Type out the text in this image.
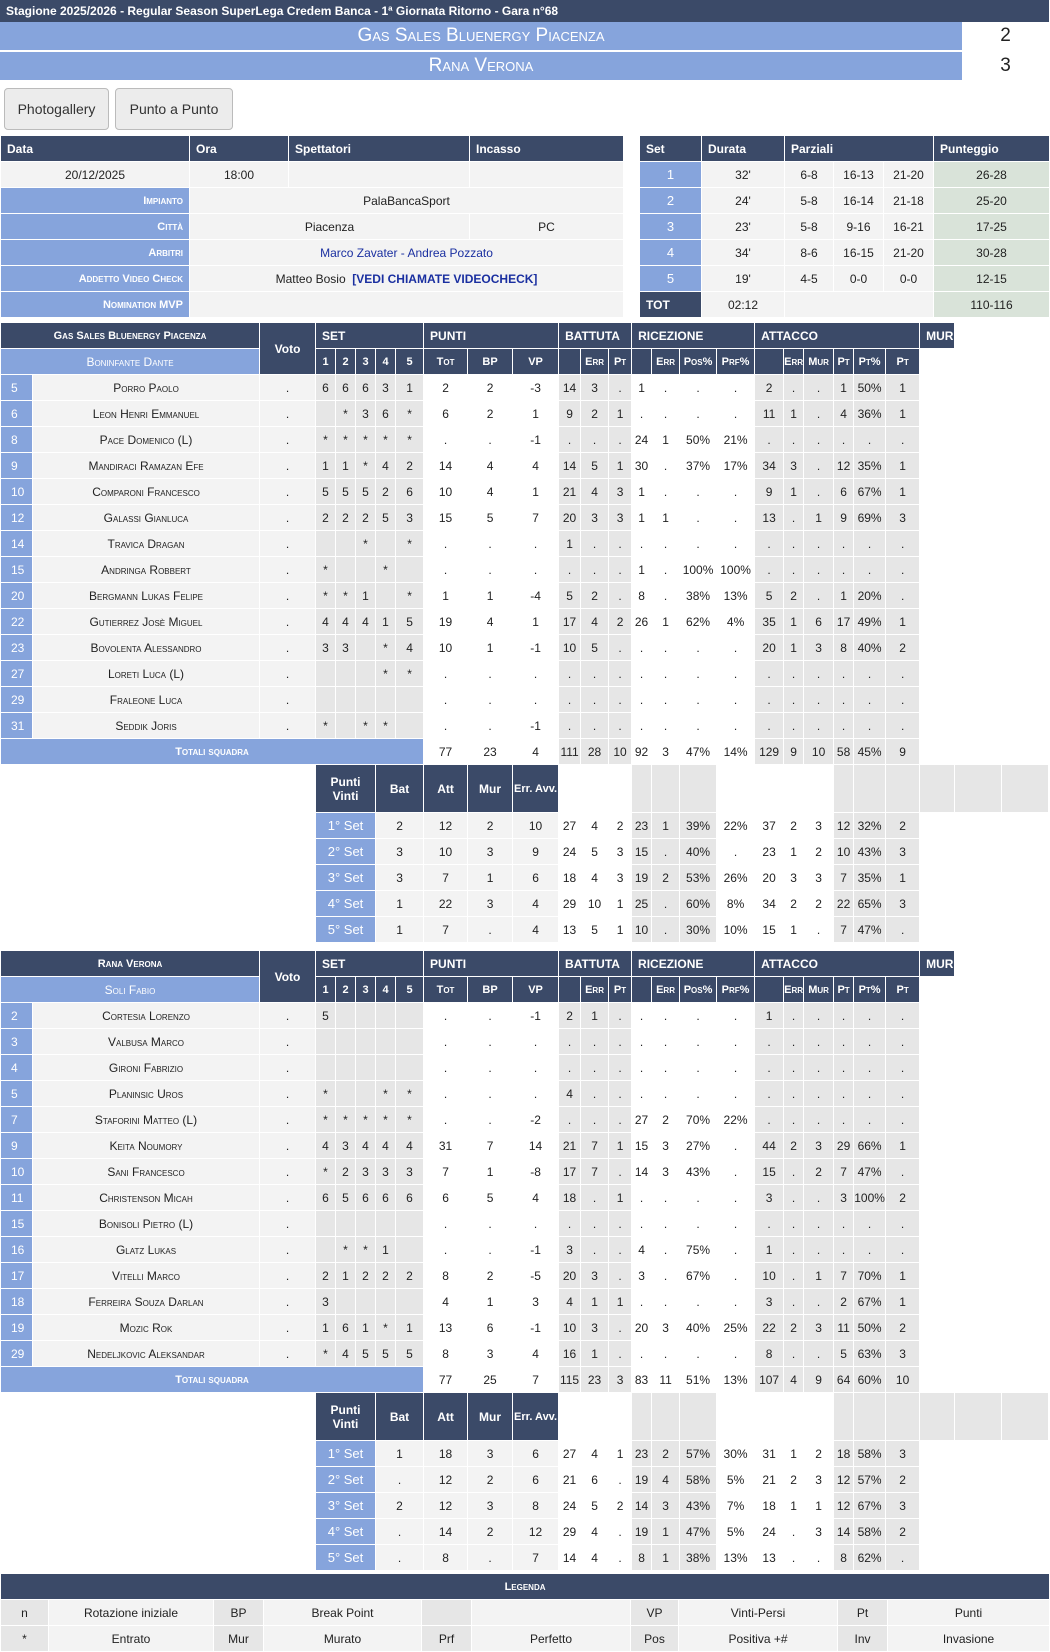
Stagione 2025/2026 - Regular Season SuperLega Credem Banca - 1ª Giornata Ritorno - Gara n°68
Gas Sales Bluenergy Piacenza	2
Rana Verona	3
Photogallery	Punto a Punto
Data	Ora	Spettatori	Incasso
20/12/2025	18:00		
Impianto	PalaBancaSport		
Città	Piacenza		PC
Arbitri	Marco Zavater - Andrea Pozzato		
Addetto Video Check	Matteo Bosio [VEDI CHIAMATE VIDEOCHECK]		
Nomination MVP			
Set	Durata	Parziali			Punteggio
1	32'	6-8	16-13	21-20	26-28
2	24'	5-8	16-14	21-18	25-20
3	23'	5-8	9-16	16-21	17-25
4	34'	8-6	16-15	21-20	30-28
5	19'	4-5	0-0	0-0	12-15
TOT	02:12				110-116
Gas Sales Bluenergy Piacenza		Voto	SET					PUNTI			BATTUTA			RICEZIONE				ATTACCO						MURO		
Boninfante Dante			1	2	3	4	5	Tot	BP	VP		Err	Pt		Err	Pos%	Prf%		Err	Mur	Pt	Pt%	Pt			
5	Porro Paolo	.	6	6	6	3	1	2	2	-3	14	3	.	1	.	.	.	2	.	.	1	50%	1			
6	Leon Henri Emmanuel	.		*	3	6	*	6	2	1	9	2	1	.	.	.	.	11	1	.	4	36%	1			
8	Pace Domenico (L)	.	*	*	*	*	*	.	.	-1	.	.	.	24	1	50%	21%	.	.	.	.	.	.			
9	Mandiraci Ramazan Efe	.	1	1	*	4	2	14	4	4	14	5	1	30	.	37%	17%	34	3	.	12	35%	1			
10	Comparoni Francesco	.	5	5	5	2	6	10	4	1	21	4	3	1	.	.	.	9	1	.	6	67%	1			
12	Galassi Gianluca	.	2	2	2	5	3	15	5	7	20	3	3	1	1	.	.	13	.	1	9	69%	3			
14	Travica Dragan	.			*		*	.	.	.	1	.	.	.	.	.	.	.	.	.	.	.	.			
15	Andringa Robbert	.	*			*		.	.	.	.	.	.	1	.	100%	100%	.	.	.	.	.	.			
20	Bergmann Lukas Felipe	.	*	*	1		*	1	1	-4	5	2	.	8	.	38%	13%	5	2	.	1	20%	.			
22	Gutierrez Josè Miguel	.	4	4	4	1	5	19	4	1	17	4	2	26	1	62%	4%	35	1	6	17	49%	1			
23	Bovolenta Alessandro	.	3	3		*	4	10	1	-1	10	5	.	.	.	.	.	20	1	3	8	40%	2			
27	Loreti Luca (L)	.				*	*	.	.	.	.	.	.	.	.	.	.	.	.	.	.	.	.			
29	Fraleone Luca	.						.	.	.	.	.	.	.	.	.	.	.	.	.	.	.	.			
31	Seddik Joris	.	*		*	*		.	.	-1	.	.	.	.	.	.	.	.	.	.	.	.	.			
Totali squadra								77	23	4	111	28	10	92	3	47%	14%	129	9	10	58	45%	9			
			Punti Vinti			Bat		Att	Mur	Err. Avv.																
			1° Set			2		12	2	10	27	4	2	23	1	39%	22%	37	2	3	12	32%	2			
			2° Set			3		10	3	9	24	5	3	15	.	40%	.	23	1	2	10	43%	3			
			3° Set			3		7	1	6	18	4	3	19	2	53%	26%	20	3	3	7	35%	1			
			4° Set			1		22	3	4	29	10	1	25	.	60%	8%	34	2	2	22	65%	3			
			5° Set			1		7	.	4	13	5	1	10	.	30%	10%	15	1	.	7	47%	.			
Rana Verona		Voto	SET					PUNTI			BATTUTA			RICEZIONE				ATTACCO						MURO		
Soli Fabio			1	2	3	4	5	Tot	BP	VP		Err	Pt		Err	Pos%	Prf%		Err	Mur	Pt	Pt%	Pt			
2	Cortesia Lorenzo	.	5					.	.	-1	2	1	.	.	.	.	.	1	.	.	.	.	.			
3	Valbusa Marco	.						.	.	.	.	.	.	.	.	.	.	.	.	.	.	.	.			
4	Gironi Fabrizio	.						.	.	.	.	.	.	.	.	.	.	.	.	.	.	.	.			
5	Planinsic Uros	.	*			*	*	.	.	.	4	.	.	.	.	.	.	.	.	.	.	.	.			
7	Staforini Matteo (L)	.	*	*	*	*	*	.	.	-2	.	.	.	27	2	70%	22%	.	.	.	.	.	.			
9	Keita Noumory	.	4	3	4	4	4	31	7	14	21	7	1	15	3	27%	.	44	2	3	29	66%	1			
10	Sani Francesco	.	*	2	3	3	3	7	1	-8	17	7	.	14	3	43%	.	15	.	2	7	47%	.			
11	Christenson Micah	.	6	5	6	6	6	6	5	4	18	.	1	.	.	.	.	3	.	.	3	100%	2			
15	Bonisoli Pietro (L)	.						.	.	.	.	.	.	.	.	.	.	.	.	.	.	.	.			
16	Glatz Lukas	.		*	*	1		.	.	-1	3	.	.	4	.	75%	.	1	.	.	.	.	.			
17	Vitelli Marco	.	2	1	2	2	2	8	2	-5	20	3	.	3	.	67%	.	10	.	1	7	70%	1			
18	Ferreira Souza Darlan	.	3					4	1	3	4	1	1	.	.	.	.	3	.	.	2	67%	1			
19	Mozic Rok	.	1	6	1	*	1	13	6	-1	10	3	.	20	3	40%	25%	22	2	3	11	50%	2			
29	Nedeljkovic Aleksandar	.	*	4	5	5	5	8	3	4	16	1	.	.	.	.	.	8	.	.	5	63%	3			
Totali squadra								77	25	7	115	23	3	83	11	51%	13%	107	4	9	64	60%	10			
			Punti Vinti			Bat		Att	Mur	Err. Avv.																
			1° Set			1		18	3	6	27	4	1	23	2	57%	30%	31	1	2	18	58%	3			
			2° Set			.		12	2	6	21	6	.	19	4	58%	5%	21	2	3	12	57%	2			
			3° Set			2		12	3	8	24	5	2	14	3	43%	7%	18	1	1	12	67%	3			
			4° Set			.		14	2	12	29	4	.	19	1	47%	5%	24	.	3	14	58%	2			
			5° Set			.		8	.	7	14	4	.	8	1	38%	13%	13	.	.	8	62%	.			
Legenda									
n	Rotazione iniziale	BP	Break Point			VP	Vinti-Persi	Pt	Punti
*	Entrato	Mur	Murato	Prf	Perfetto	Pos	Positiva +#	Inv	Invasione
